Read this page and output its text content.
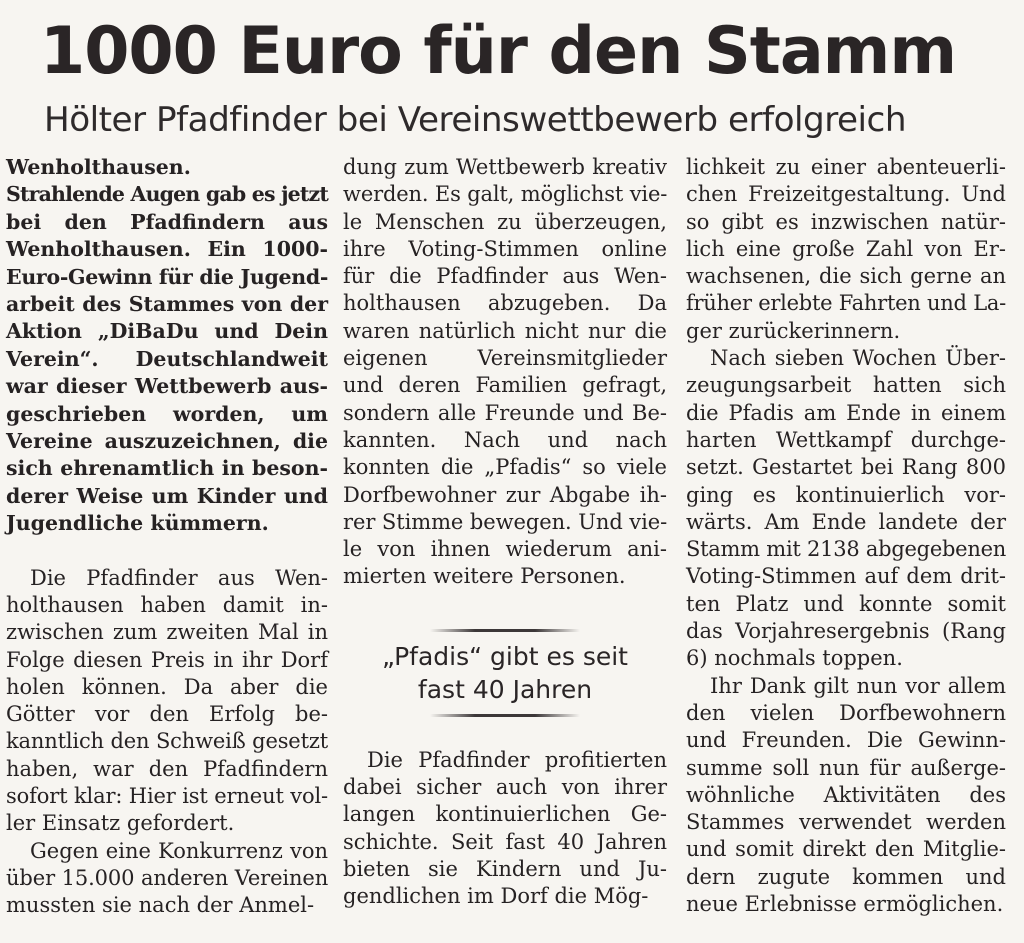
1000 Euro für den Stamm
Hölter Pfadfinder bei Vereinswettbewerb erfolgreich

Wenholthausen.
Strahlende Augen gab es jetzt
bei den Pfadfindern aus
Wenholthausen. Ein 1000-
Euro-Gewinn für die Jugend-
arbeit des Stammes von der
Aktion „DiBaDu und Dein
Verein“. Deutschlandweit
war dieser Wettbewerb aus-
geschrieben worden, um
Vereine auszuzeichnen, die
sich ehrenamtlich in beson-
derer Weise um Kinder und
Jugendliche kümmern.

Die Pfadfinder aus Wen-
holthausen haben damit in-
zwischen zum zweiten Mal in
Folge diesen Preis in ihr Dorf
holen können. Da aber die
Götter vor den Erfolg be-
kanntlich den Schweiß gesetzt
haben, war den Pfadfindern
sofort klar: Hier ist erneut vol-
ler Einsatz gefordert.

Gegen eine Konkurrenz von
über 15.000 anderen Vereinen
mussten sie nach der Anmel-

dung zum Wettbewerb kreativ
werden. Es galt, möglichst vie-
le Menschen zu überzeugen,
ihre Voting-Stimmen online
für die Pfadfinder aus Wen-
holthausen abzugeben. Da
waren natürlich nicht nur die
eigenen Vereinsmitglieder
und deren Familien gefragt,
sondern alle Freunde und Be-
kannten. Nach und nach
konnten die „Pfadis“ so viele
Dorfbewohner zur Abgabe ih-
rer Stimme bewegen. Und vie-
le von ihnen wiederum ani-
mierten weitere Personen.

„Pfadis“ gibt es seit
fast 40 Jahren

Die Pfadfinder profitierten
dabei sicher auch von ihrer
langen kontinuierlichen Ge-
schichte. Seit fast 40 Jahren
bieten sie Kindern und Ju-
gendlichen im Dorf die Mög-

lichkeit zu einer abenteuerli-
chen Freizeitgestaltung. Und
so gibt es inzwischen natür-
lich eine große Zahl von Er-
wachsenen, die sich gerne an
früher erlebte Fahrten und La-
ger zurückerinnern.

Nach sieben Wochen Über-
zeugungsarbeit hatten sich
die Pfadis am Ende in einem
harten Wettkampf durchge-
setzt. Gestartet bei Rang 800
ging es kontinuierlich vor-
wärts. Am Ende landete der
Stamm mit 2138 abgegebenen
Voting-Stimmen auf dem drit-
ten Platz und konnte somit
das Vorjahresergebnis (Rang
6) nochmals toppen.

Ihr Dank gilt nun vor allem
den vielen Dorfbewohnern
und Freunden. Die Gewinn-
summe soll nun für außerge-
wöhnliche Aktivitäten des
Stammes verwendet werden
und somit direkt den Mitglie-
dern zugute kommen und
neue Erlebnisse ermöglichen.
